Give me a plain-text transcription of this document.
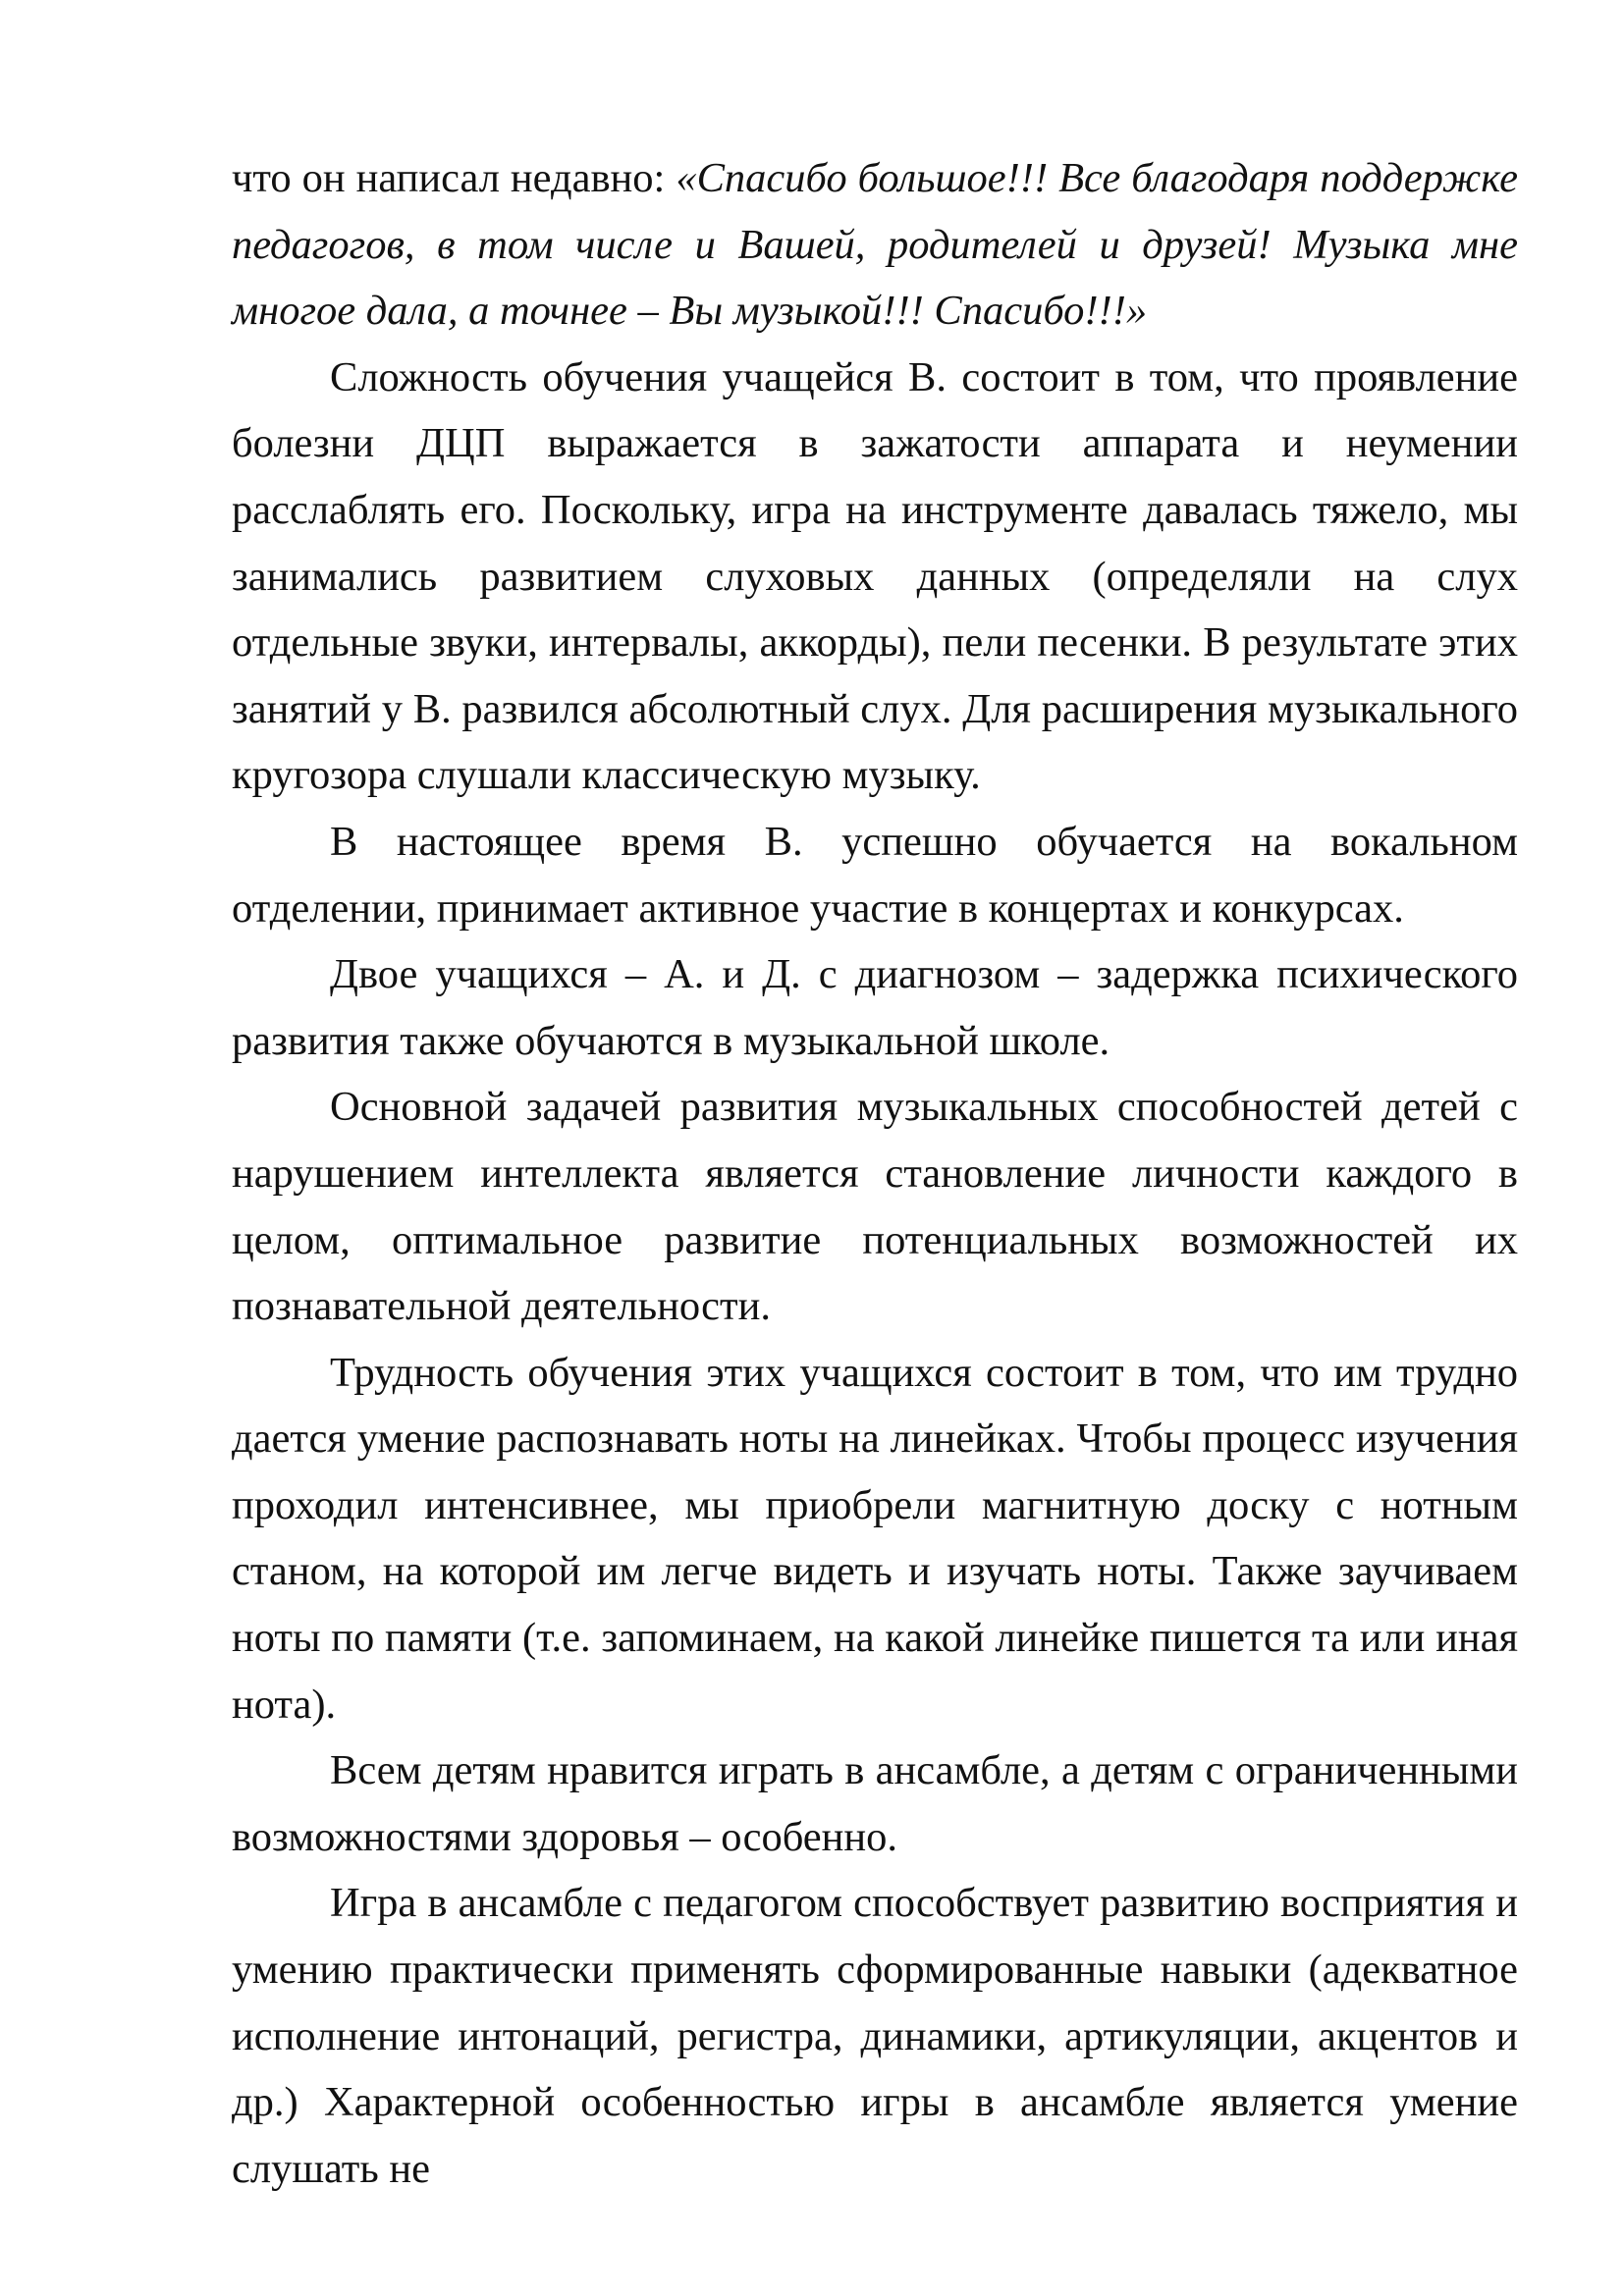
что он написал недавно: «Спасибо большое!!! Все благодаря поддержке педагогов, в том числе и Вашей, родителей и друзей! Музыка мне многое дала, а точнее – Вы музыкой!!! Спасибо!!!»

Сложность обучения учащейся В. состоит в том, что проявление болезни ДЦП выражается в зажатости аппарата и неумении расслаблять его. Поскольку, игра на инструменте давалась тяжело, мы занимались развитием слуховых данных (определяли на слух отдельные звуки, интервалы, аккорды), пели песенки. В результате этих занятий у В. развился абсолютный слух. Для расширения музыкального кругозора слушали классическую музыку.

В настоящее время В. успешно обучается на вокальном отделении, принимает активное участие в концертах и конкурсах.

Двое учащихся – А. и Д. с диагнозом – задержка психического развития также обучаются в музыкальной школе.

Основной задачей развития музыкальных способностей детей с нарушением интеллекта является становление личности каждого в целом, оптимальное развитие потенциальных возможностей их познавательной деятельности.

Трудность обучения этих учащихся состоит в том, что им трудно дается умение распознавать ноты на линейках. Чтобы процесс изучения проходил интенсивнее, мы приобрели магнитную доску с нотным станом, на которой им легче видеть и изучать ноты. Также заучиваем ноты по памяти (т.е. запоминаем, на какой линейке пишется та или иная нота).

Всем детям нравится играть в ансамбле, а детям с ограниченными возможностями здоровья – особенно.

Игра в ансамбле с педагогом способствует развитию восприятия и умению практически применять сформированные навыки (адекватное исполнение интонаций, регистра, динамики, артикуляции, акцентов и др.) Характерной особенностью игры в ансамбле является умение слушать не
